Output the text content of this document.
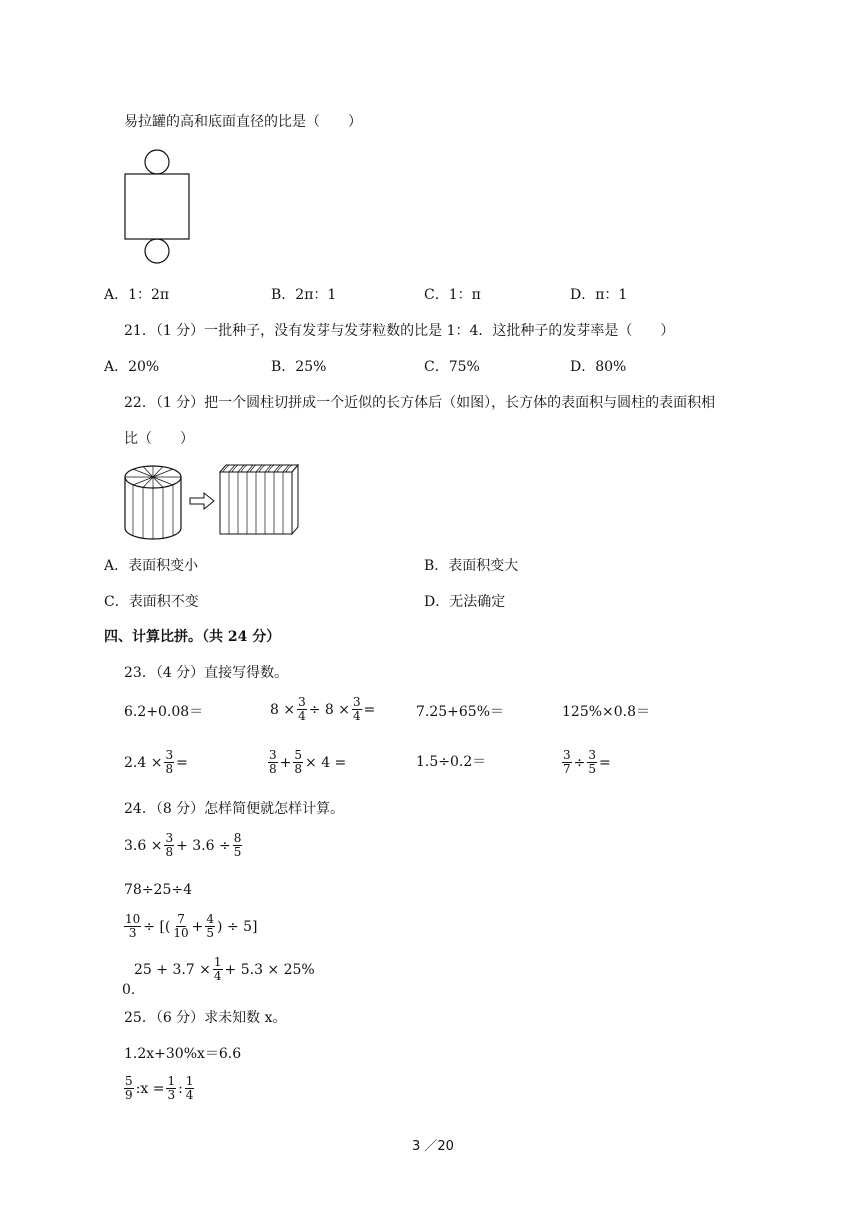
易拉罐的高和底面直径的比是（　　）
A．1：2π	B．2π：1	C．1：π	D．π：1
21．（1 分）一批种子，没有发芽与发芽粒数的比是 1：4．这批种子的发芽率是（　　）
A．20%	B．25%	C．75%	D．80%
22．（1 分）把一个圆柱切拼成一个近似的长方体后（如图），长方体的表面积与圆柱的表面积相
比（　　）
A．表面积变小	B．表面积变大
C．表面积不变	D．无法确定
四、计算比拼。（共 24 分）
23．（4 分）直接写得数。
6.2+0.08＝	$8 \times \frac{3}{4} \div 8 \times \frac{3}{4}$ =	7.25+65%＝	125%×0.8＝
$2.4 \times \frac{3}{8}$ =	$\frac{3}{8} + \frac{5}{8} \times 4$ =	1.5÷0.2＝	$\frac{3}{7} \div \frac{3}{5}$ =
24．（8 分）怎样简便就怎样计算。
$3.6 \times \frac{3}{8} + 3.6 \div \frac{8}{5}$
78÷25÷4
$\frac{10}{3}$ ÷ [( $\frac{7}{10} + \frac{4}{5}$ ) ÷ 5]
0.
$25 + 3.7 \times \frac{1}{4} + 5.3 \times 25\%$
25．（6 分）求未知数 x。
1.2x+30%x＝6.6
$\frac{5}{9}$ :x = $\frac{1}{3}$ : $\frac{1}{4}$
3 ／20
